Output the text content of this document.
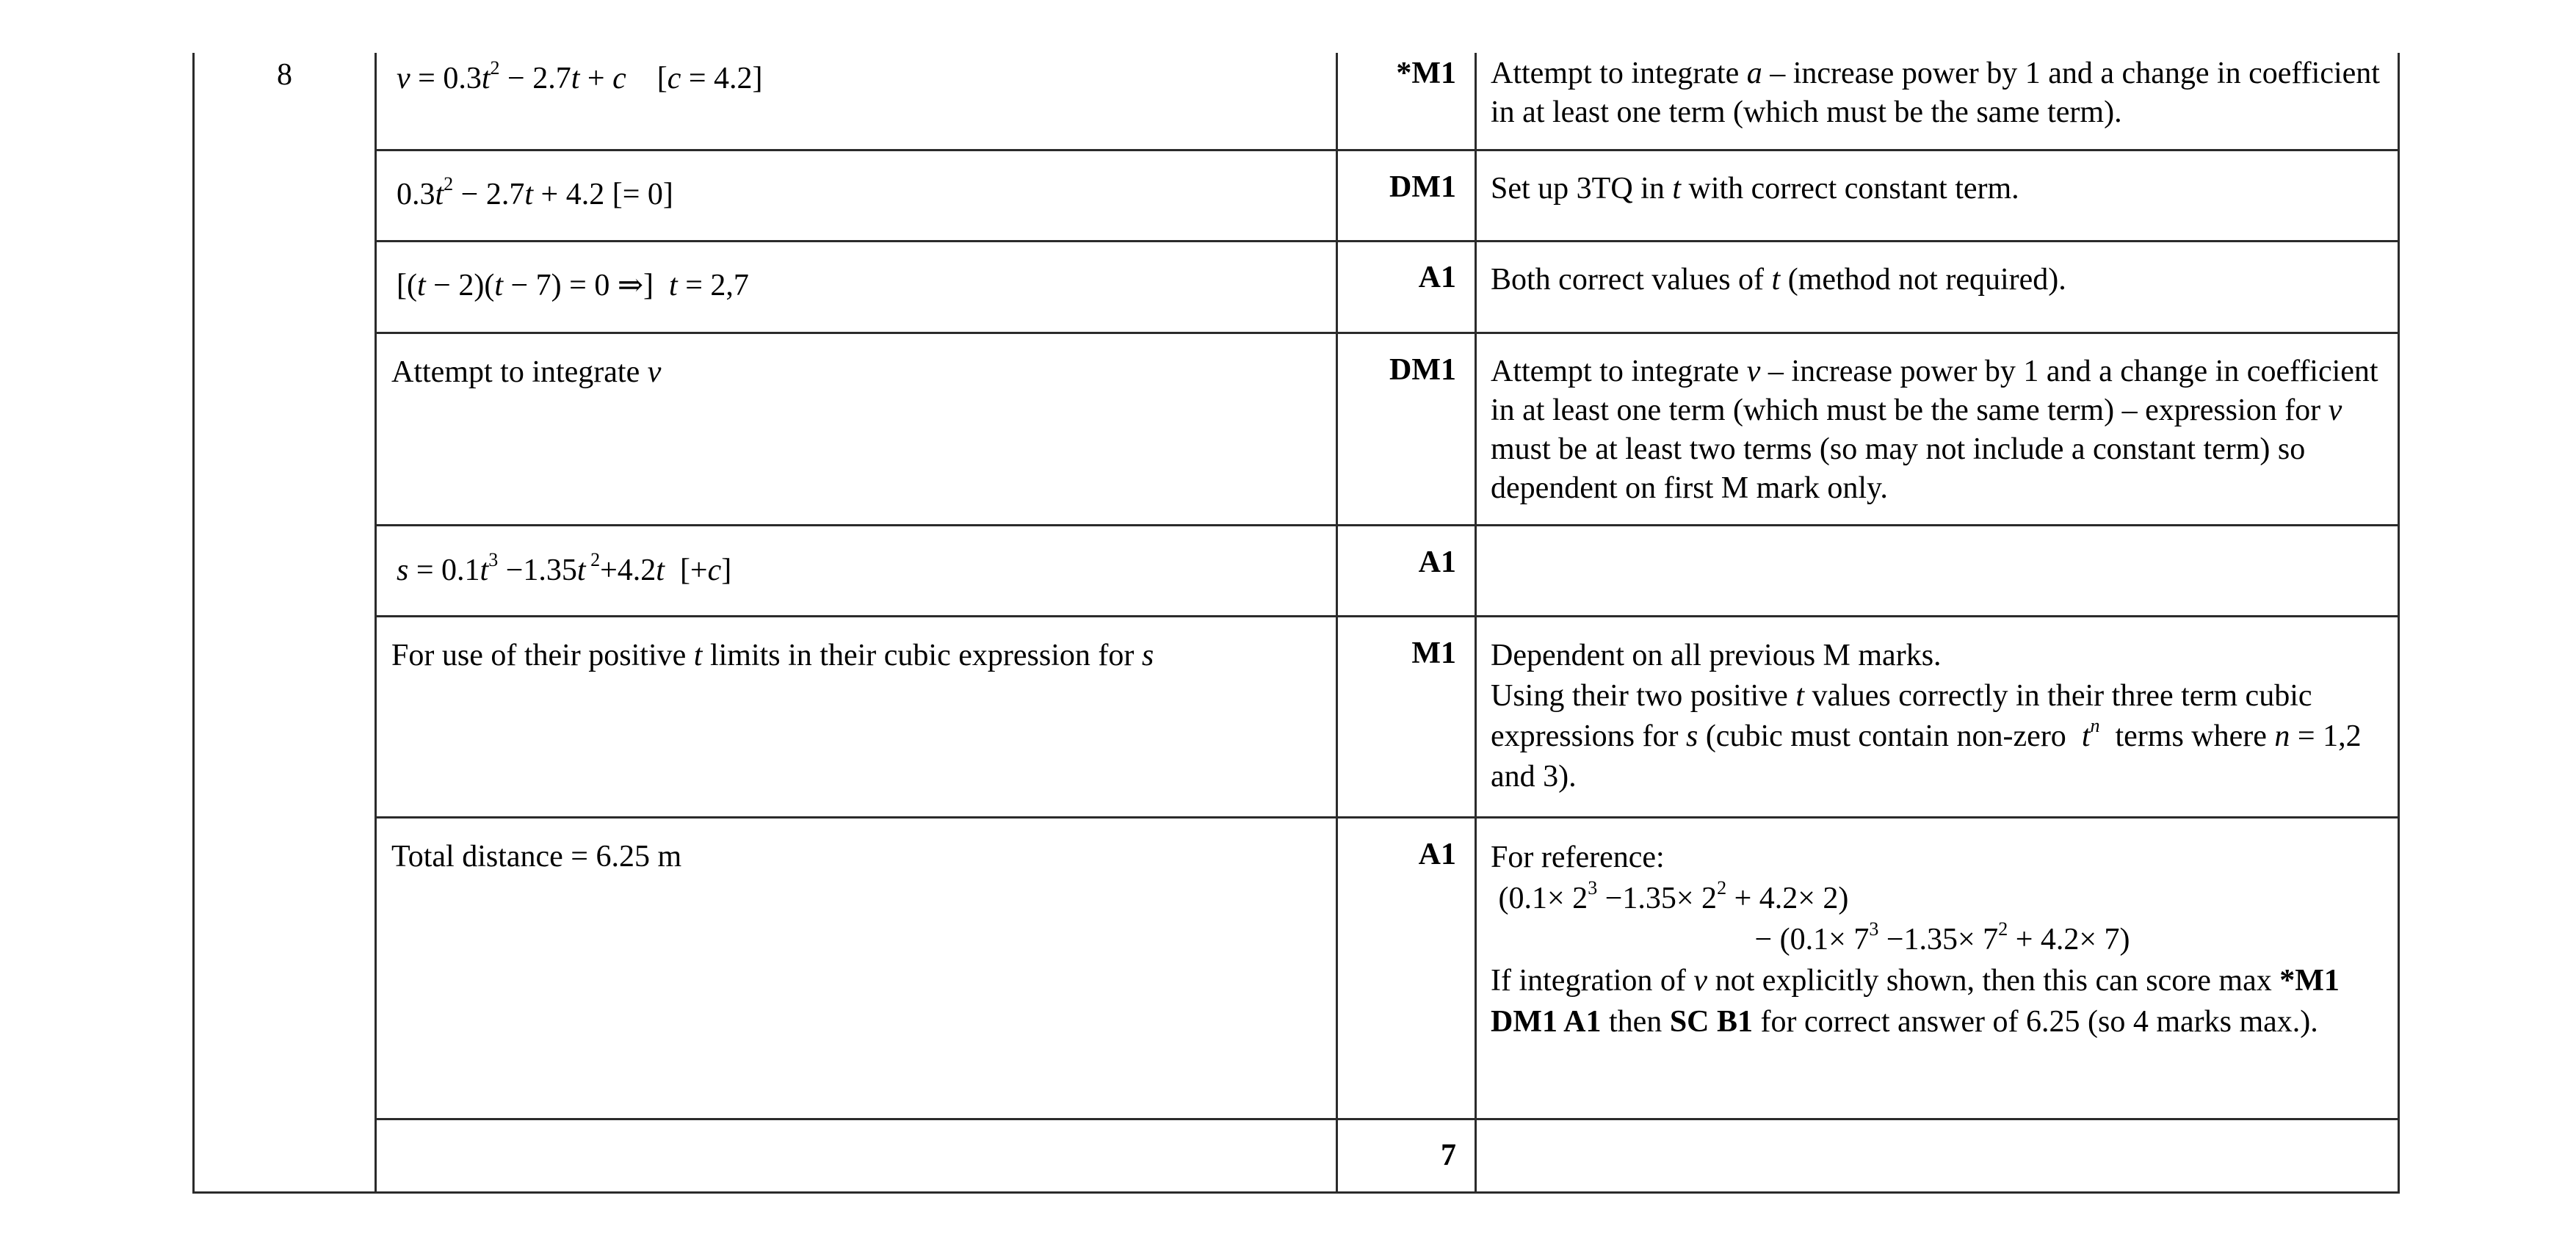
8	$v = 0.3t^2 - 2.7t + c$    [c = 4.2]
$0.3t^2 - 2.7t + 4.2$ [= 0]
[(t − 2)(t − 7) = 0 ⇒]  t = 2,7
Attempt to integrate v
$s = 0.1t^3 -1.35t$ $^2$+4.2t  [+c]
For use of their positive t limits in their cubic expression for s
Total distance = 6.25 m
*M1
DM1
A1
DM1
A1
M1
A1
7
Attempt to integrate a – increase power by 1 and a change in coefficient in at least one term (which must be the same term).
Set up 3TQ in t with correct constant term.
Both correct values of t (method not required).
Attempt to integrate v – increase power by 1 and a change in coefficient in at least one term (which must be the same term) – expression for v must be at least two terms (so may not include a constant term) so dependent on first M mark only.
Dependent on all previous M marks.
Using their two positive t values correctly in their three term cubic expressions for s (cubic must contain non-zero  $t^n$  terms where n = 1,2 and 3).
For reference:
$(0.1\times 2^3 -1.35\times 2^2 + 4.2\times 2)$

− $(0.1\times 7^3 -1.35\times 7^2 + 4.2\times 7)$
If integration of v not explicitly shown, then this can score max *M1 DM1 A1 then SC B1 for correct answer of 6.25 (so 4 marks max.).
